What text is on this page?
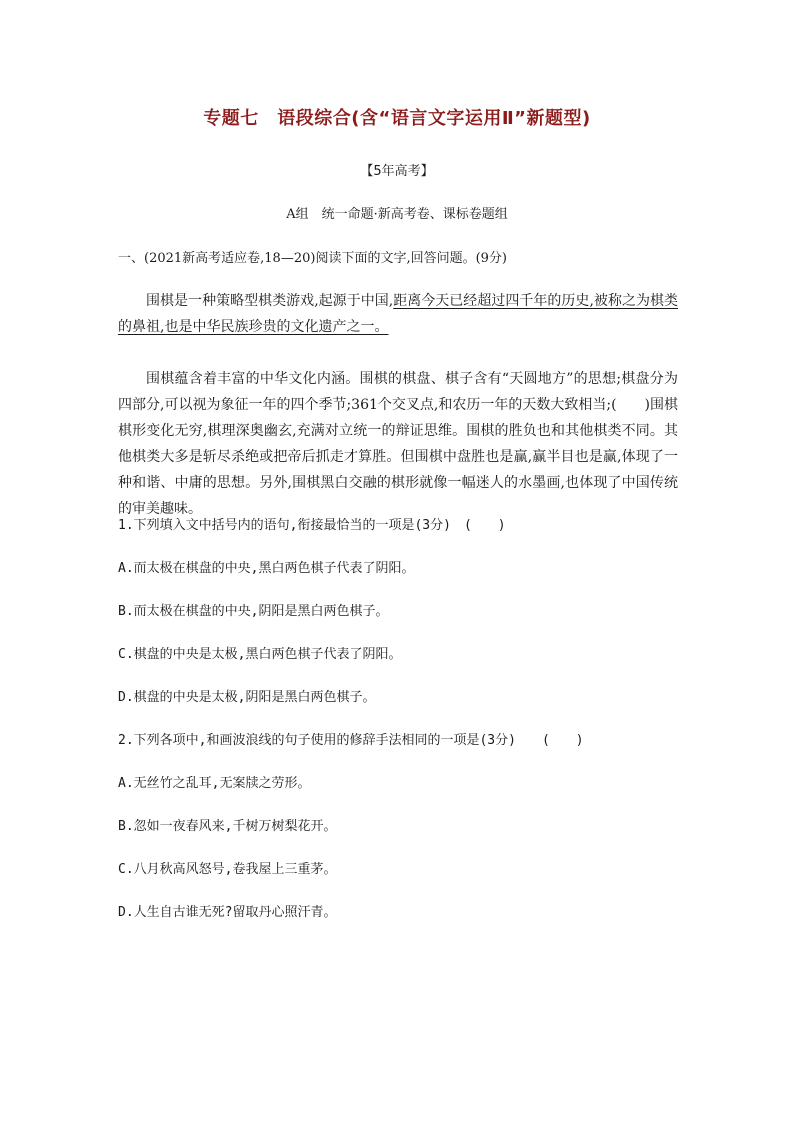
专题七　语段综合(含“语言文字运用Ⅱ”新题型)
【5年高考】
A组　统一命题·新高考卷、课标卷题组
一、(2021新高考适应卷,18—20)阅读下面的文字,回答问题。(9分)
围棋是一种策略型棋类游戏,起源于中国,距离今天已经超过四千年的历史,被称之为棋类的鼻祖,也是中华民族珍贵的文化遗产之一。
围棋蕴含着丰富的中华文化内涵。围棋的棋盘、棋子含有“天圆地方”的思想;棋盘分为四部分,可以视为象征一年的四个季节;361个交叉点,和农历一年的天数大致相当;(　　)围棋棋形变化无穷,棋理深奥幽玄,充满对立统一的辩证思维。围棋的胜负也和其他棋类不同。其他棋类大多是斩尽杀绝或把帝后抓走才算胜。但围棋中盘胜也是赢,赢半目也是赢,体现了一种和谐、中庸的思想。另外,围棋黑白交融的棋形就像一幅迷人的水墨画,也体现了中国传统的审美趣味。
1.下列填入文中括号内的语句,衔接最恰当的一项是(3分)　(　　)
A.而太极在棋盘的中央,黑白两色棋子代表了阴阳。
B.而太极在棋盘的中央,阴阳是黑白两色棋子。
C.棋盘的中央是太极,黑白两色棋子代表了阴阳。
D.棋盘的中央是太极,阴阳是黑白两色棋子。
2.下列各项中,和画波浪线的句子使用的修辞手法相同的一项是(3分)　　(　　)
A.无丝竹之乱耳,无案牍之劳形。
B.忽如一夜春风来,千树万树梨花开。
C.八月秋高风怒号,卷我屋上三重茅。
D.人生自古谁无死?留取丹心照汗青。
